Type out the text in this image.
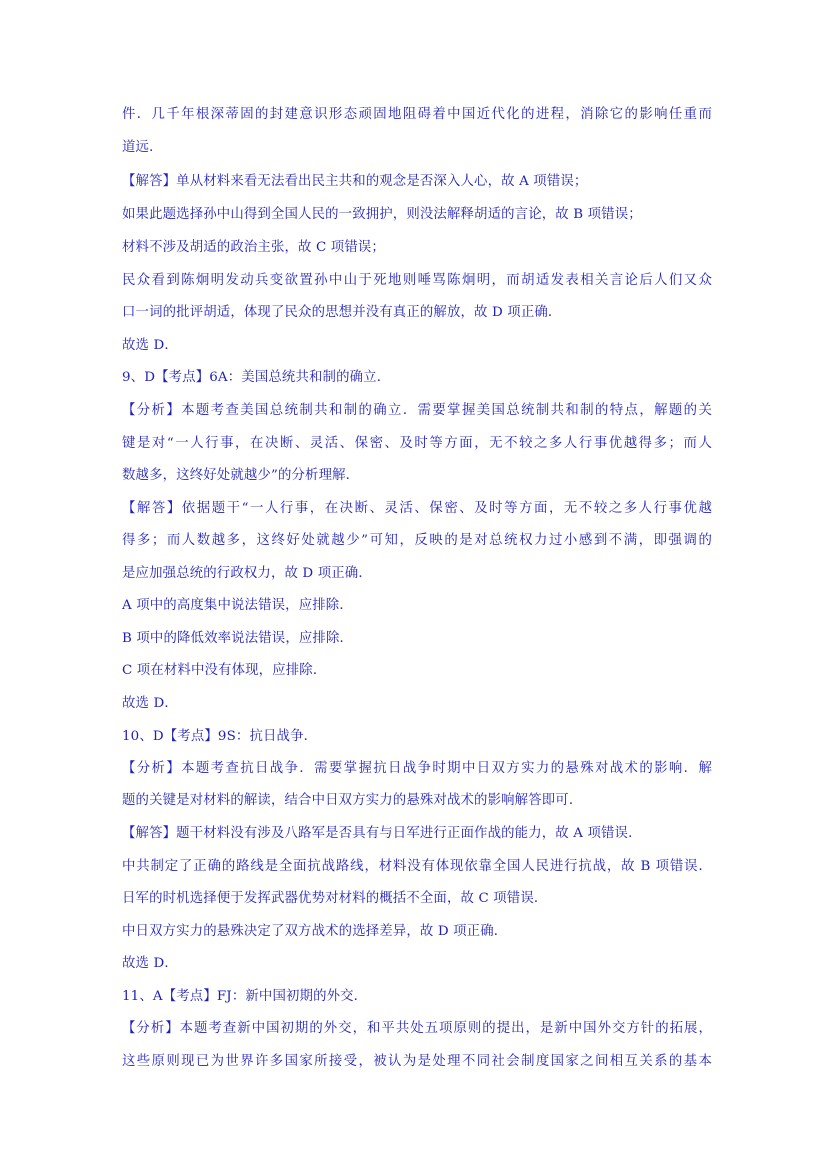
件．几千年根深蒂固的封建意识形态顽固地阻碍着中国近代化的进程，消除它的影响任重而
道远．
【解答】单从材料来看无法看出民主共和的观念是否深入人心，故 A 项错误；
如果此题选择孙中山得到全国人民的一致拥护，则没法解释胡适的言论，故 B 项错误；
材料不涉及胡适的政治主张，故 C 项错误；
民众看到陈炯明发动兵变欲置孙中山于死地则唾骂陈炯明，而胡适发表相关言论后人们又众
口一词的批评胡适，体现了民众的思想并没有真正的解放，故 D 项正确．
故选 D．
9、D【考点】6A：美国总统共和制的确立．
【分析】本题考查美国总统制共和制的确立．需要掌握美国总统制共和制的特点，解题的关
键是对“一人行事，在决断、灵活、保密、及时等方面，无不较之多人行事优越得多；而人
数越多，这终好处就越少”的分析理解．
【解答】依据题干“一人行事，在决断、灵活、保密、及时等方面，无不较之多人行事优越
得多；而人数越多，这终好处就越少”可知，反映的是对总统权力过小感到不满，即强调的
是应加强总统的行政权力，故 D 项正确．
A 项中的高度集中说法错误，应排除．
B 项中的降低效率说法错误，应排除．
C 项在材料中没有体现，应排除．
故选 D．
10、D【考点】9S：抗日战争．
【分析】本题考查抗日战争．需要掌握抗日战争时期中日双方实力的悬殊对战术的影响．解
题的关键是对材料的解读，结合中日双方实力的悬殊对战术的影响解答即可．
【解答】题干材料没有涉及八路军是否具有与日军进行正面作战的能力，故 A 项错误．
中共制定了正确的路线是全面抗战路线，材料没有体现依靠全国人民进行抗战，故 B 项错误．
日军的时机选择便于发挥武器优势对材料的概括不全面，故 C 项错误．
中日双方实力的悬殊决定了双方战术的选择差异，故 D 项正确．
故选 D．
11、A【考点】FJ：新中国初期的外交．
【分析】本题考查新中国初期的外交，和平共处五项原则的提出，是新中国外交方针的拓展，
这些原则现已为世界许多国家所接受，被认为是处理不同社会制度国家之间相互关系的基本
